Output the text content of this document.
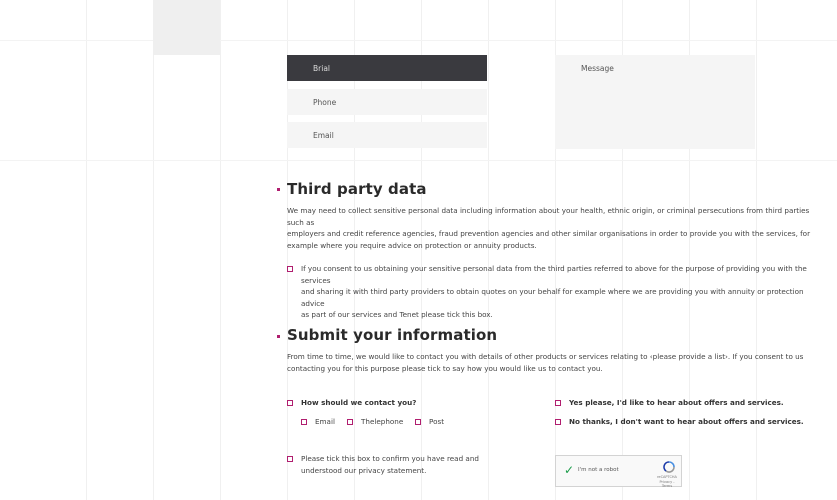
Brial
Phone
Email
Message
Third party data

We may need to collect sensitive personal data including information about your health, ethnic origin, or criminal persecutions from third parties such as
employers and credit reference agencies, fraud prevention agencies and other similar organisations in order to provide you with the services, for
example where you require advice on protection or annuity products.

If you consent to us obtaining your sensitive personal data from the third parties referred to above for the purpose of providing you with the services
and sharing it with third party providers to obtain quotes on your behalf for example where we are providing you with annuity or protection advice
as part of our services and Tenet please tick this box.

Submit your information

From time to time, we would like to contact you with details of other products or services relating to ‹please provide a list›. If you consent to us
contacting you for this purpose please tick to say how you would like us to contact you.

How should we contact you?
Email	Thelephone	Post
Yes please, I'd like to hear about offers and services.
No thanks, I don't want to hear about offers and services.

Please tick this box to confirm you have read and
understood our privacy statement.	✓ I'm not a robot
reCAPTCHA
Privacy - Terms
